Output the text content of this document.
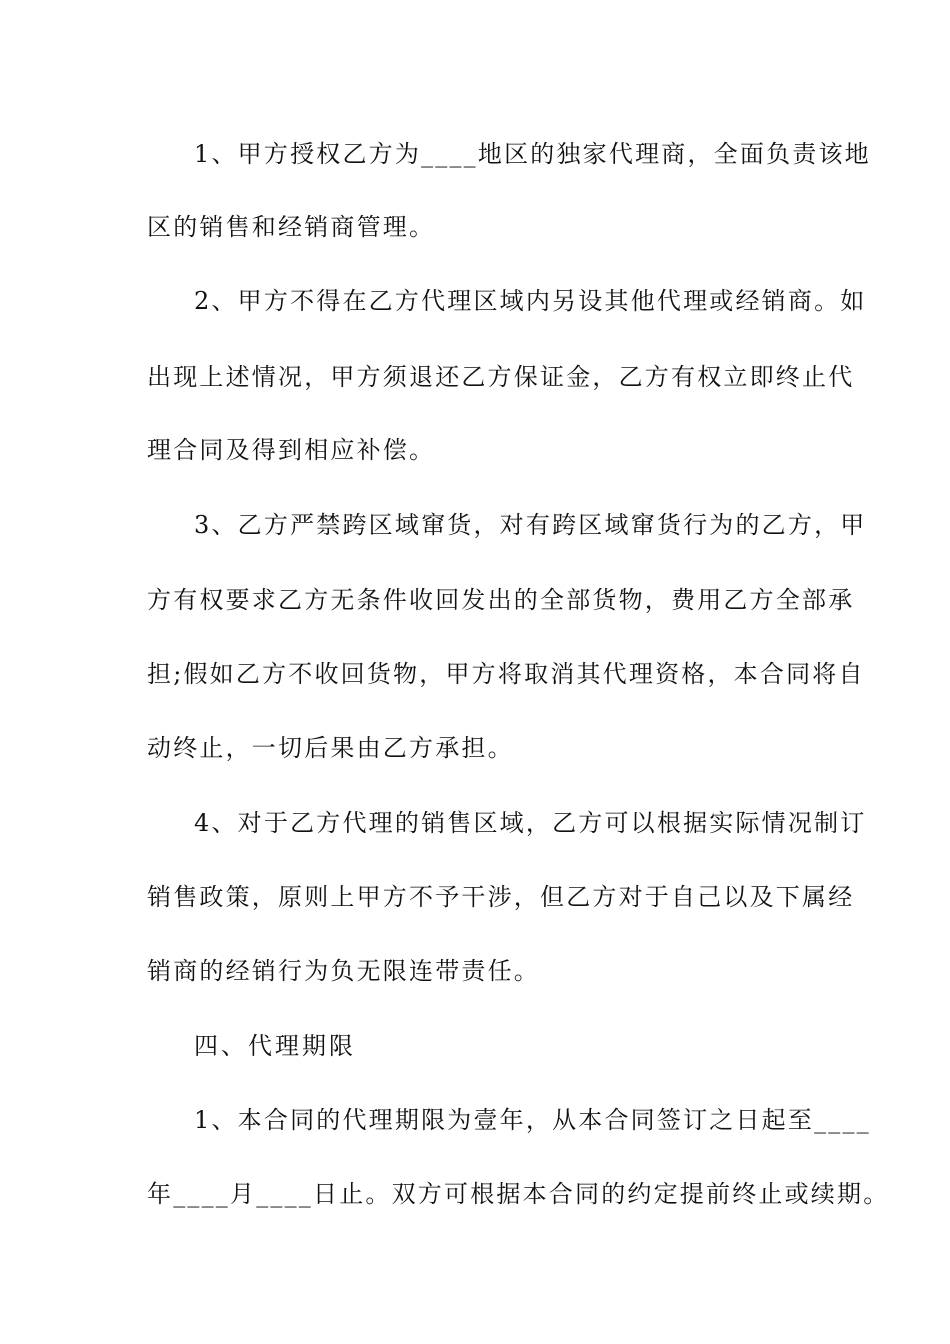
1、甲方授权乙方为____地区的独家代理商，全面负责该地
区的销售和经销商管理。
2、甲方不得在乙方代理区域内另设其他代理或经销商。如
出现上述情况，甲方须退还乙方保证金，乙方有权立即终止代
理合同及得到相应补偿。
3、乙方严禁跨区域窜货，对有跨区域窜货行为的乙方，甲
方有权要求乙方无条件收回发出的全部货物，费用乙方全部承
担;假如乙方不收回货物，甲方将取消其代理资格，本合同将自
动终止，一切后果由乙方承担。
4、对于乙方代理的销售区域，乙方可以根据实际情况制订
销售政策，原则上甲方不予干涉，但乙方对于自己以及下属经
销商的经销行为负无限连带责任。
四、代理期限
1、本合同的代理期限为壹年，从本合同签订之日起至____
年____月____日止。双方可根据本合同的约定提前终止或续期。
